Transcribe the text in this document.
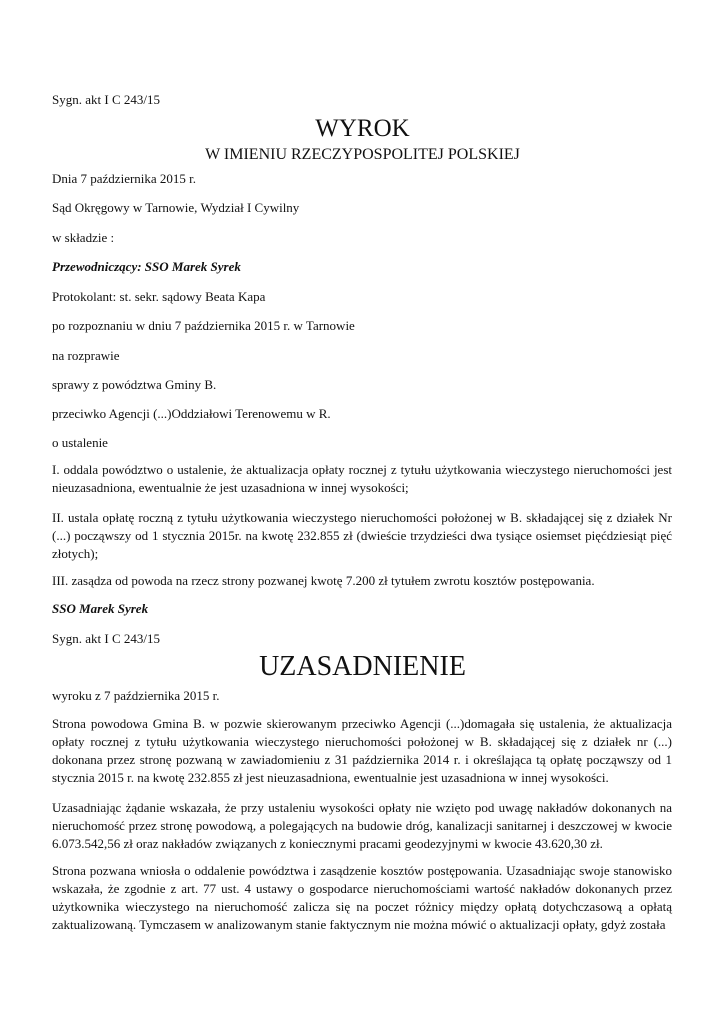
Sygn. akt I C 243/15
WYROK
W IMIENIU RZECZYPOSPOLITEJ POLSKIEJ
Dnia 7 października 2015 r.
Sąd Okręgowy w Tarnowie, Wydział I Cywilny
w składzie :
Przewodniczący: SSO Marek Syrek
Protokolant: st. sekr. sądowy Beata Kapa
po rozpoznaniu w dniu 7 października 2015 r. w Tarnowie
na rozprawie
sprawy z powództwa Gminy B.
przeciwko Agencji (...)Oddziałowi Terenowemu w R.
o ustalenie
I. oddala powództwo o ustalenie, że aktualizacja opłaty rocznej z tytułu użytkowania wieczystego nieruchomości jest nieuzasadniona, ewentualnie że jest uzasadniona w innej wysokości;
II. ustala opłatę roczną z tytułu użytkowania wieczystego nieruchomości położonej w B. składającej się z działek Nr (...) począwszy od 1 stycznia 2015r. na kwotę 232.855 zł (dwieście trzydzieści dwa tysiące osiemset pięćdziesiąt pięć złotych);
III. zasądza od powoda na rzecz strony pozwanej kwotę 7.200 zł tytułem zwrotu kosztów postępowania.
SSO Marek Syrek
Sygn. akt I C 243/15
UZASADNIENIE
wyroku z 7 października 2015 r.
Strona powodowa Gmina B. w pozwie skierowanym przeciwko Agencji (...)domagała się ustalenia, że aktualizacja opłaty rocznej z tytułu użytkowania wieczystego nieruchomości położonej w B. składającej się z działek nr (...) dokonana przez stronę pozwaną w zawiadomieniu z 31 października 2014 r. i określająca tą opłatę począwszy od 1 stycznia 2015 r. na kwotę 232.855 zł jest nieuzasadniona, ewentualnie jest uzasadniona w innej wysokości.
Uzasadniając żądanie wskazała, że przy ustaleniu wysokości opłaty nie wzięto pod uwagę nakładów dokonanych na nieruchomość przez stronę powodową, a polegających na budowie dróg, kanalizacji sanitarnej i deszczowej w kwocie 6.073.542,56 zł oraz nakładów związanych z koniecznymi pracami geodezyjnymi w kwocie 43.620,30 zł.
Strona pozwana wniosła o oddalenie powództwa i zasądzenie kosztów postępowania. Uzasadniając swoje stanowisko wskazała, że zgodnie z art. 77 ust. 4 ustawy o gospodarce nieruchomościami wartość nakładów dokonanych przez użytkownika wieczystego na nieruchomość zalicza się na poczet różnicy między opłatą dotychczasową a opłatą zaktualizowaną. Tymczasem w analizowanym stanie faktycznym nie można mówić o aktualizacji opłaty, gdyż została
